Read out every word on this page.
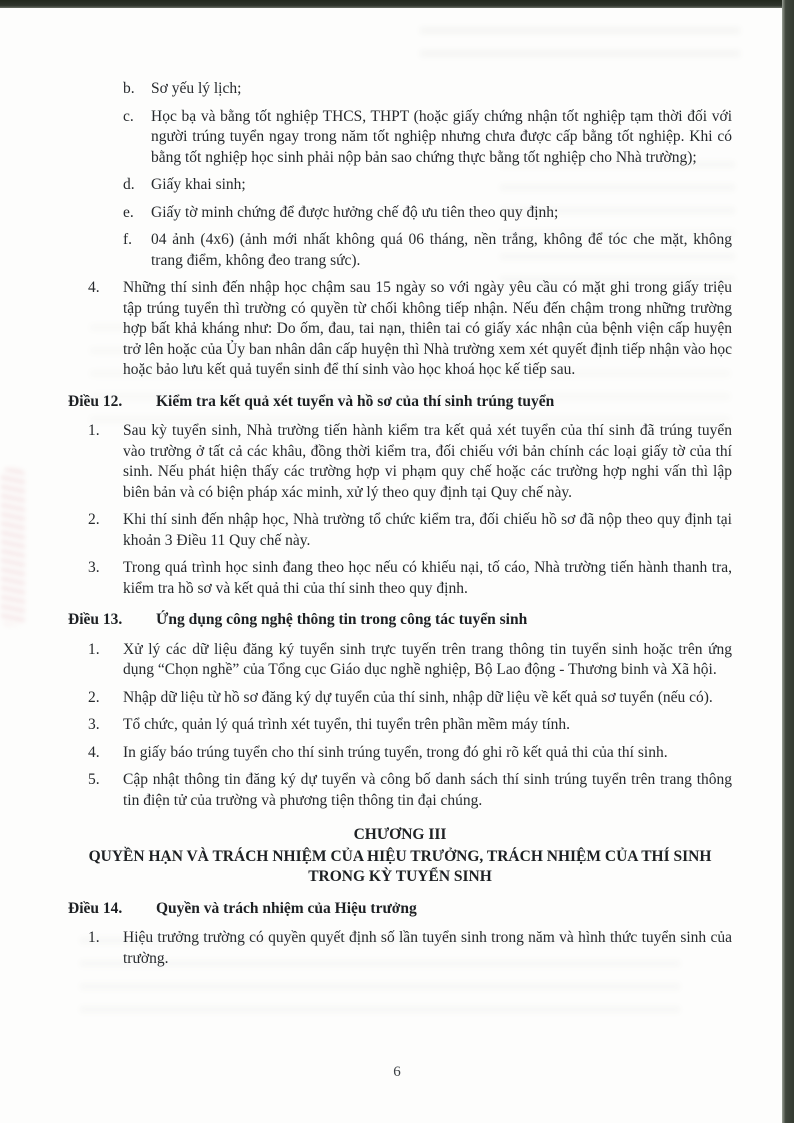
b. Sơ yếu lý lịch;
c. Học bạ và bằng tốt nghiệp THCS, THPT (hoặc giấy chứng nhận tốt nghiệp tạm thời đối với người trúng tuyển ngay trong năm tốt nghiệp nhưng chưa được cấp bằng tốt nghiệp. Khi có bằng tốt nghiệp học sinh phải nộp bản sao chứng thực bằng tốt nghiệp cho Nhà trường);
d. Giấy khai sinh;
e. Giấy tờ minh chứng để được hưởng chế độ ưu tiên theo quy định;
f. 04 ảnh (4x6) (ảnh mới nhất không quá 06 tháng, nền trắng, không để tóc che mặt, không trang điểm, không đeo trang sức).
4. Những thí sinh đến nhập học chậm sau 15 ngày so với ngày yêu cầu có mặt ghi trong giấy triệu tập trúng tuyển thì trường có quyền từ chối không tiếp nhận. Nếu đến chậm trong những trường hợp bất khả kháng như: Do ốm, đau, tai nạn, thiên tai có giấy xác nhận của bệnh viện cấp huyện trở lên hoặc của Ủy ban nhân dân cấp huyện thì Nhà trường xem xét quyết định tiếp nhận vào học hoặc bảo lưu kết quả tuyển sinh để thí sinh vào học khoá học kế tiếp sau.
Điều 12.	Kiểm tra kết quả xét tuyển và hồ sơ của thí sinh trúng tuyển
1. Sau kỳ tuyển sinh, Nhà trường tiến hành kiểm tra kết quả xét tuyển của thí sinh đã trúng tuyển vào trường ở tất cả các khâu, đồng thời kiểm tra, đối chiếu với bản chính các loại giấy tờ của thí sinh. Nếu phát hiện thấy các trường hợp vi phạm quy chế hoặc các trường hợp nghi vấn thì lập biên bản và có biện pháp xác minh, xử lý theo quy định tại Quy chế này.
2. Khi thí sinh đến nhập học, Nhà trường tổ chức kiểm tra, đối chiếu hồ sơ đã nộp theo quy định tại khoản 3 Điều 11 Quy chế này.
3. Trong quá trình học sinh đang theo học nếu có khiếu nại, tố cáo, Nhà trường tiến hành thanh tra, kiểm tra hồ sơ và kết quả thi của thí sinh theo quy định.
Điều 13.	Ứng dụng công nghệ thông tin trong công tác tuyển sinh
1. Xử lý các dữ liệu đăng ký tuyển sinh trực tuyến trên trang thông tin tuyển sinh hoặc trên ứng dụng “Chọn nghề” của Tổng cục Giáo dục nghề nghiệp, Bộ Lao động - Thương binh và Xã hội.
2. Nhập dữ liệu từ hồ sơ đăng ký dự tuyển của thí sinh, nhập dữ liệu về kết quả sơ tuyển (nếu có).
3. Tổ chức, quản lý quá trình xét tuyển, thi tuyển trên phần mềm máy tính.
4. In giấy báo trúng tuyển cho thí sinh trúng tuyển, trong đó ghi rõ kết quả thi của thí sinh.
5. Cập nhật thông tin đăng ký dự tuyển và công bố danh sách thí sinh trúng tuyển trên trang thông tin điện tử của trường và phương tiện thông tin đại chúng.
CHƯƠNG III
QUYỀN HẠN VÀ TRÁCH NHIỆM CỦA HIỆU TRƯỞNG, TRÁCH NHIỆM CỦA THÍ SINH TRONG KỲ TUYỂN SINH
Điều 14.	Quyền và trách nhiệm của Hiệu trưởng
1. Hiệu trưởng trường có quyền quyết định số lần tuyển sinh trong năm và hình thức tuyển sinh của trường.
6
